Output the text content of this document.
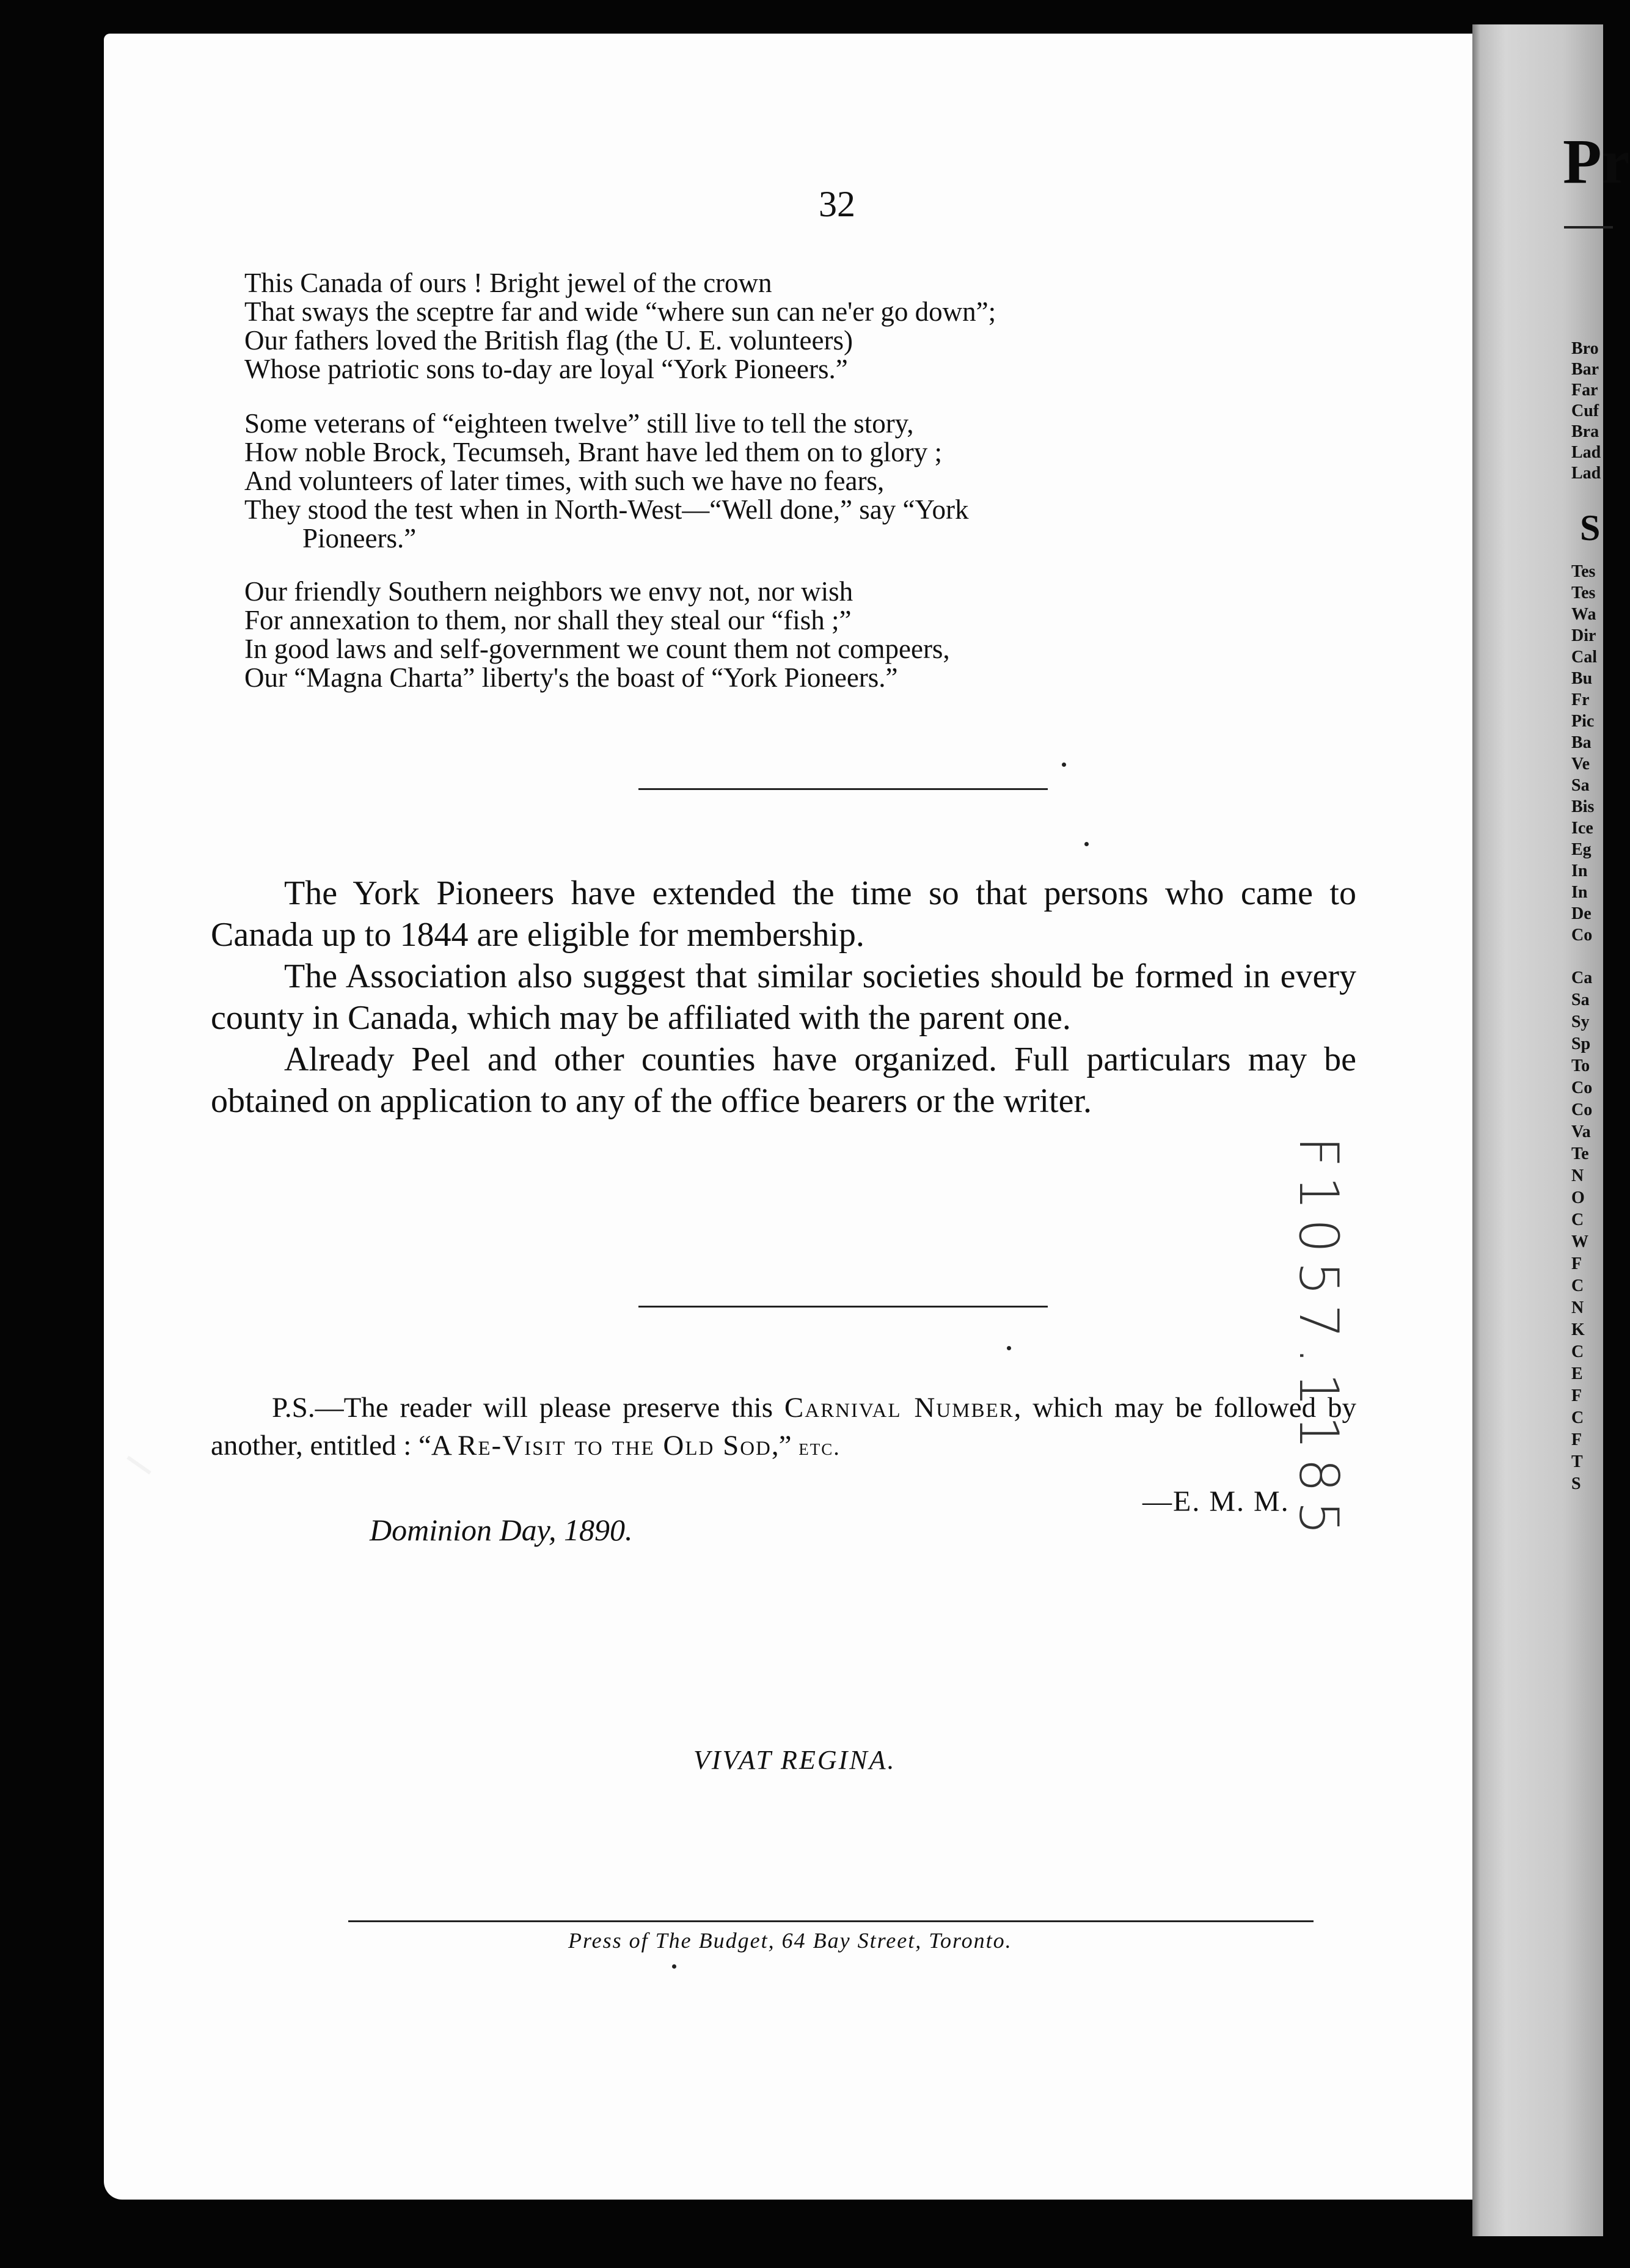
Pr
S
Bro
Bar
Far
Cuf
Bra
Lad
Lad
Tes
Tes
Wa
Dir
Cal
Bu
Fr
Pic
Ba
Ve
Sa
Bis
Ice
Eg
In
In
De
Co
Ca
Sa
Sy
Sp
To
Co
Co
Va
Te
N
O
C
W
F
C
N
K
C
E
F
C
F
T
S
32
This Canada of ours ! Bright jewel of the crown
That sways the sceptre far and wide “where sun can ne'er go down”;
Our fathers loved the British flag (the U. E. volunteers)
Whose patriotic sons to-day are loyal “York Pioneers.”
Some veterans of “eighteen twelve” still live to tell the story,
How noble Brock, Tecumseh, Brant have led them on to glory ;
And volunteers of later times, with such we have no fears,
They stood the test when in North-West—“Well done,” say “York
Pioneers.”
Our friendly Southern neighbors we envy not, nor wish
For annexation to them, nor shall they steal our “fish ;”
In good laws and self-government we count them not compeers,
Our “Magna Charta” liberty's the boast of “York Pioneers.”

The York Pioneers have extended the time so that persons who came to Canada up to 1844 are eligible for membership.

The Association also suggest that similar societies should be formed in every county in Canada, which may be affiliated with the parent one.

Already Peel and other counties have organized. Full particulars may be obtained on application to any of the office bearers or the writer.

P.S.—The reader will please preserve this Carnival Number, which may be followed by another, entitled : “A Re-Visit to the Old Sod,” etc.

—E. M. M.
Dominion Day, 1890.
VIVAT REGINA.
Press of The Budget, 64 Bay Street, Toronto.
F1057.1185
